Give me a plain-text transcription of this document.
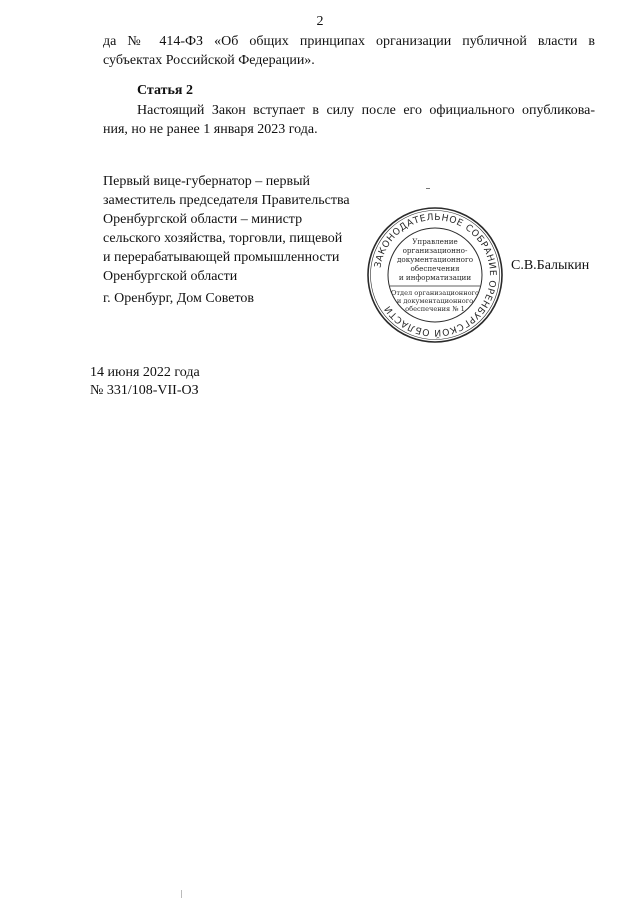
2
да № 414-ФЗ «Об общих принципах организации публичной власти в
субъектах Российской Федерации».
Статья 2
Настоящий Закон вступает в силу после его официального опубликова-
ния, но не ранее 1 января 2023 года.
Первый вице-губернатор – первый
заместитель председателя Правительства
Оренбургской области – министр
сельского хозяйства, торговли, пищевой
и перерабатывающей промышленности
Оренбургской области
ЗАКОНОДАТЕЛЬНОЕ СОБРАНИЕ ОРЕНБУРГСКОЙ ОБЛАСТИ
Управление
организационно-
документационного
обеспечения
и информатизации
Отдел организационного
и документационного
обеспечения № 1
С.В.Балыкин
г. Оренбург, Дом Советов
14 июня 2022 года
№ 331/108-VII-ОЗ
